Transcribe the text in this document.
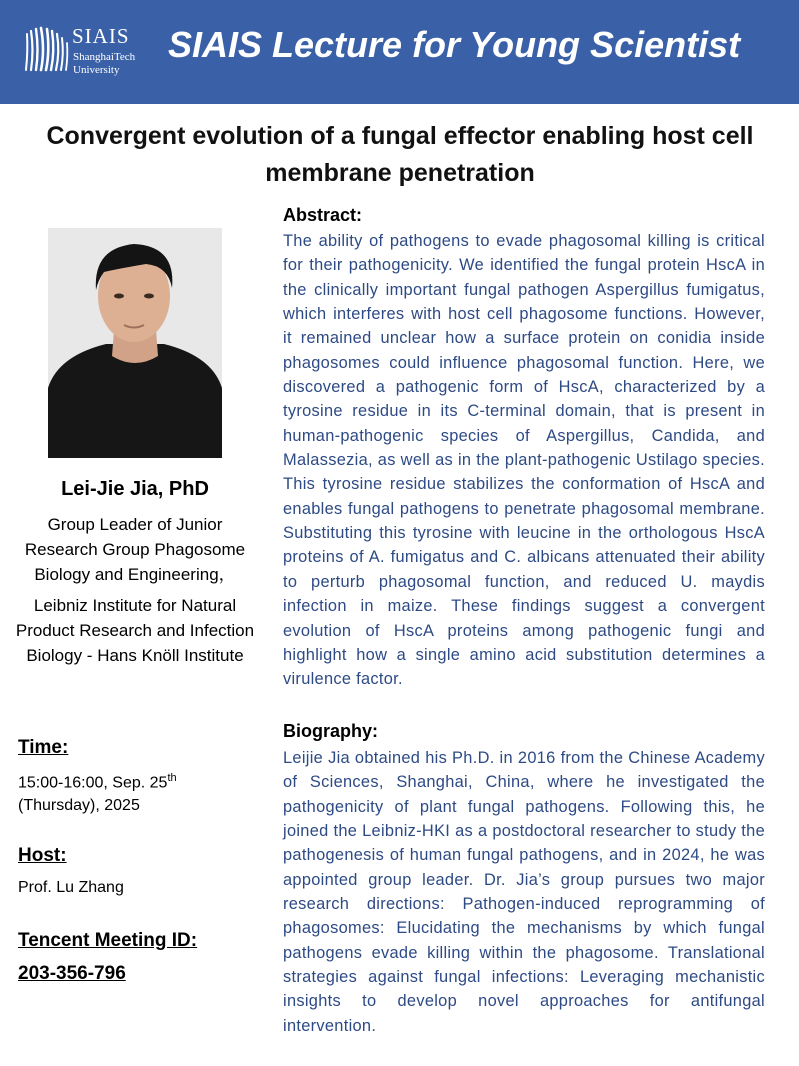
SIAIS
ShanghaiTech
University
SIAIS Lecture for Young Scientist
Convergent evolution of a fungal effector enabling host cell membrane penetration
Lei-Jie Jia, PhD
Group Leader of Junior Research Group Phagosome Biology and Engineering，
Leibniz Institute for Natural Product Research and Infection Biology - Hans Knöll Institute
Time:
15:00-16:00, Sep. 25th
(Thursday), 2025
Host:
Prof. Lu Zhang
Tencent Meeting ID:
203-356-796
Abstract:

The ability of pathogens to evade phagosomal killing is critical for their pathogenicity. We identified the fungal protein HscA in the clinically important fungal pathogen Aspergillus fumigatus, which interferes with host cell phagosome functions. However, it remained unclear how a surface protein on conidia inside phagosomes could influence phagosomal function. Here, we discovered a pathogenic form of HscA, characterized by a tyrosine residue in its C-terminal domain, that is present in human-pathogenic species of Aspergillus, Candida, and Malassezia, as well as in the plant-pathogenic Ustilago species. This tyrosine residue stabilizes the conformation of HscA and enables fungal pathogens to penetrate phagosomal membrane. Substituting this tyrosine with leucine in the orthologous HscA proteins of A. fumigatus and C. albicans attenuated their ability to perturb phagosomal function, and reduced U. maydis infection in maize. These findings suggest a convergent evolution of HscA proteins among pathogenic fungi and highlight how a single amino acid substitution determines a virulence factor.

Biography:

Leijie Jia obtained his Ph.D. in 2016 from the Chinese Academy of Sciences, Shanghai, China, where he investigated the pathogenicity of plant fungal pathogens. Following this, he joined the Leibniz-HKI as a postdoctoral researcher to study the pathogenesis of human fungal pathogens, and in 2024, he was appointed group leader. Dr. Jia’s group pursues two major research directions: Pathogen-induced reprogramming of phagosomes: Elucidating the mechanisms by which fungal pathogens evade killing within the phagosome. Translational strategies against fungal infections: Leveraging mechanistic insights to develop novel approaches for antifungal intervention.
